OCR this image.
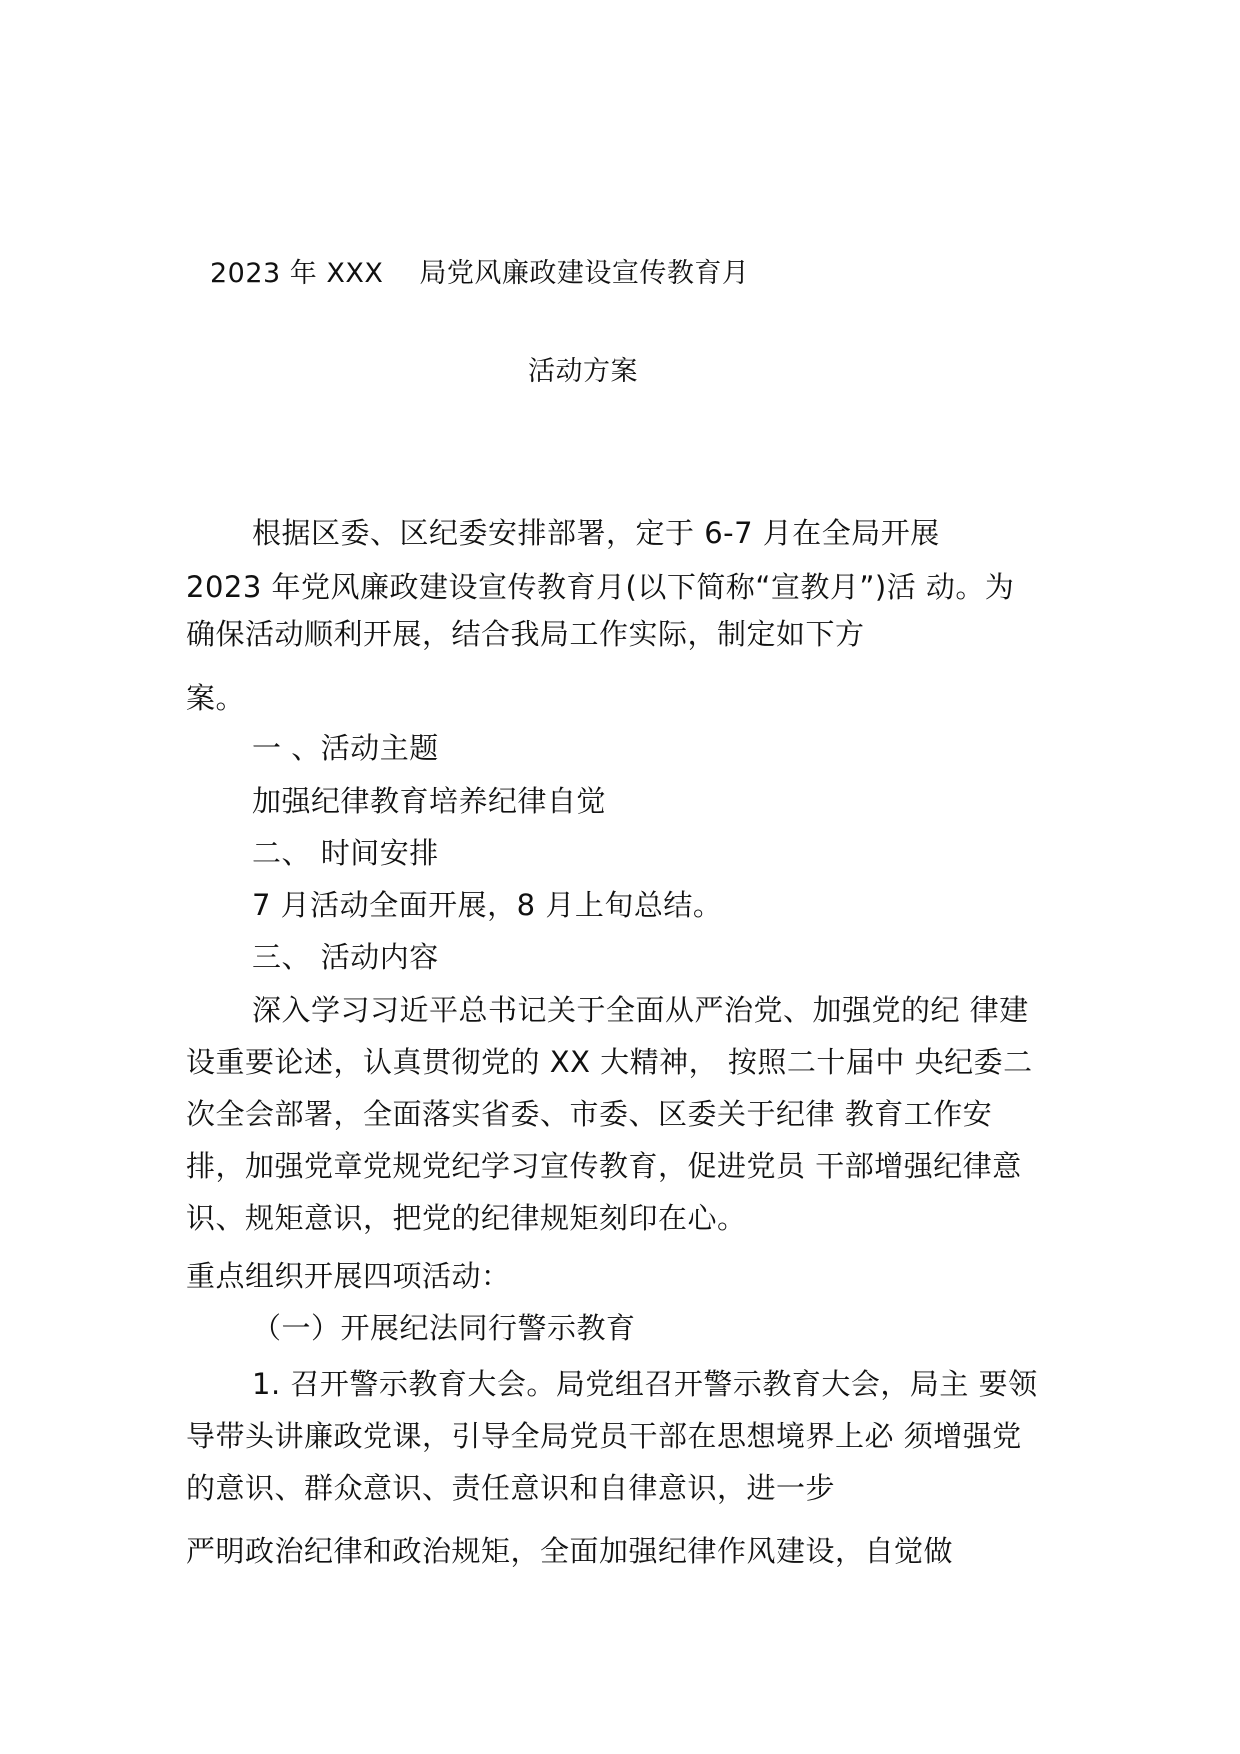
2023 年 XXX 局党风廉政建设宣传教育月
活动方案
根据区委、区纪委安排部署，定于 6-7 月在全局开展
2023 年党风廉政建设宣传教育月(以下简称“宣教月”)活 动。为
确保活动顺利开展，结合我局工作实际，制定如下方
案。
一 、活动主题
加强纪律教育培养纪律自觉
二、 时间安排
7 月活动全面开展，8 月上旬总结。
三、 活动内容
深入学习习近平总书记关于全面从严治党、加强党的纪 律建
设重要论述，认真贯彻党的 XX 大精神， 按照二十届中 央纪委二
次全会部署，全面落实省委、市委、区委关于纪律 教育工作安
排，加强党章党规党纪学习宣传教育，促进党员 干部增强纪律意
识、规矩意识，把党的纪律规矩刻印在心。
重点组织开展四项活动：
（一）开展纪法同行警示教育
1. 召开警示教育大会。局党组召开警示教育大会，局主 要领
导带头讲廉政党课，引导全局党员干部在思想境界上必 须增强党
的意识、群众意识、责任意识和自律意识，进一步
严明政治纪律和政治规矩，全面加强纪律作风建设，自觉做
